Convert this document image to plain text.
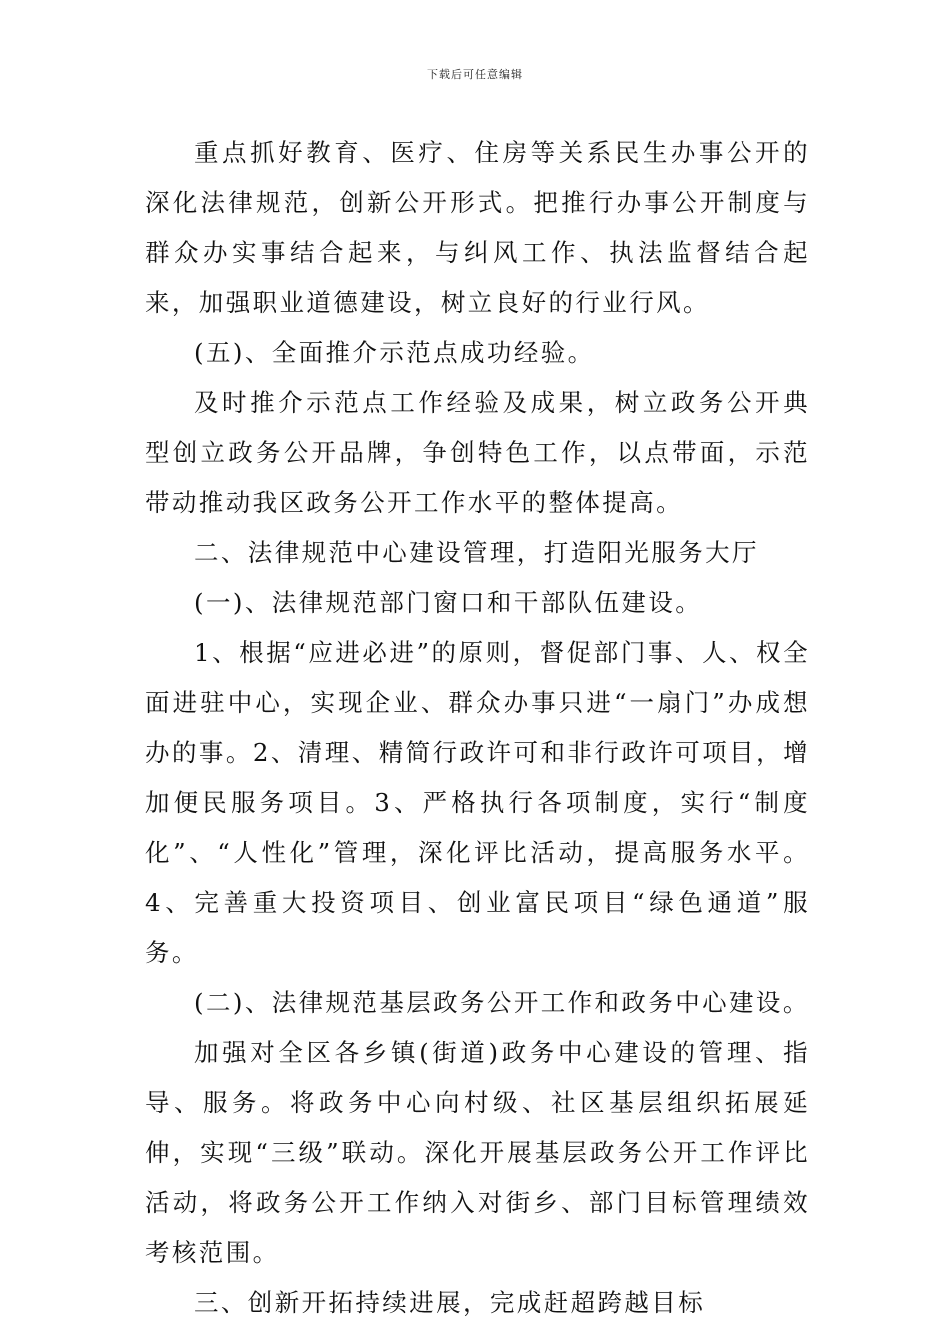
下载后可任意编辑

重点抓好教育、医疗、住房等关系民生办事公开的深化法律规范，创新公开形式。把推行办事公开制度与群众办实事结合起来，与纠风工作、执法监督结合起来，加强职业道德建设，树立良好的行业行风。

(五)、全面推介示范点成功经验。

及时推介示范点工作经验及成果，树立政务公开典型创立政务公开品牌，争创特色工作，以点带面，示范带动推动我区政务公开工作水平的整体提高。

二、法律规范中心建设管理，打造阳光服务大厅

(一)、法律规范部门窗口和干部队伍建设。

1、根据“应进必进”的原则，督促部门事、人、权全面进驻中心，实现企业、群众办事只进“一扇门”办成想办的事。2、清理、精简行政许可和非行政许可项目，增加便民服务项目。3、严格执行各项制度，实行“制度化”、“人性化”管理，深化评比活动，提高服务水平。4、完善重大投资项目、创业富民项目“绿色通道”服务。

(二)、法律规范基层政务公开工作和政务中心建设。

加强对全区各乡镇(街道)政务中心建设的管理、指导、服务。将政务中心向村级、社区基层组织拓展延伸，实现“三级”联动。深化开展基层政务公开工作评比活动，将政务公开工作纳入对街乡、部门目标管理绩效考核范围。

三、创新开拓持续进展，完成赶超跨越目标
